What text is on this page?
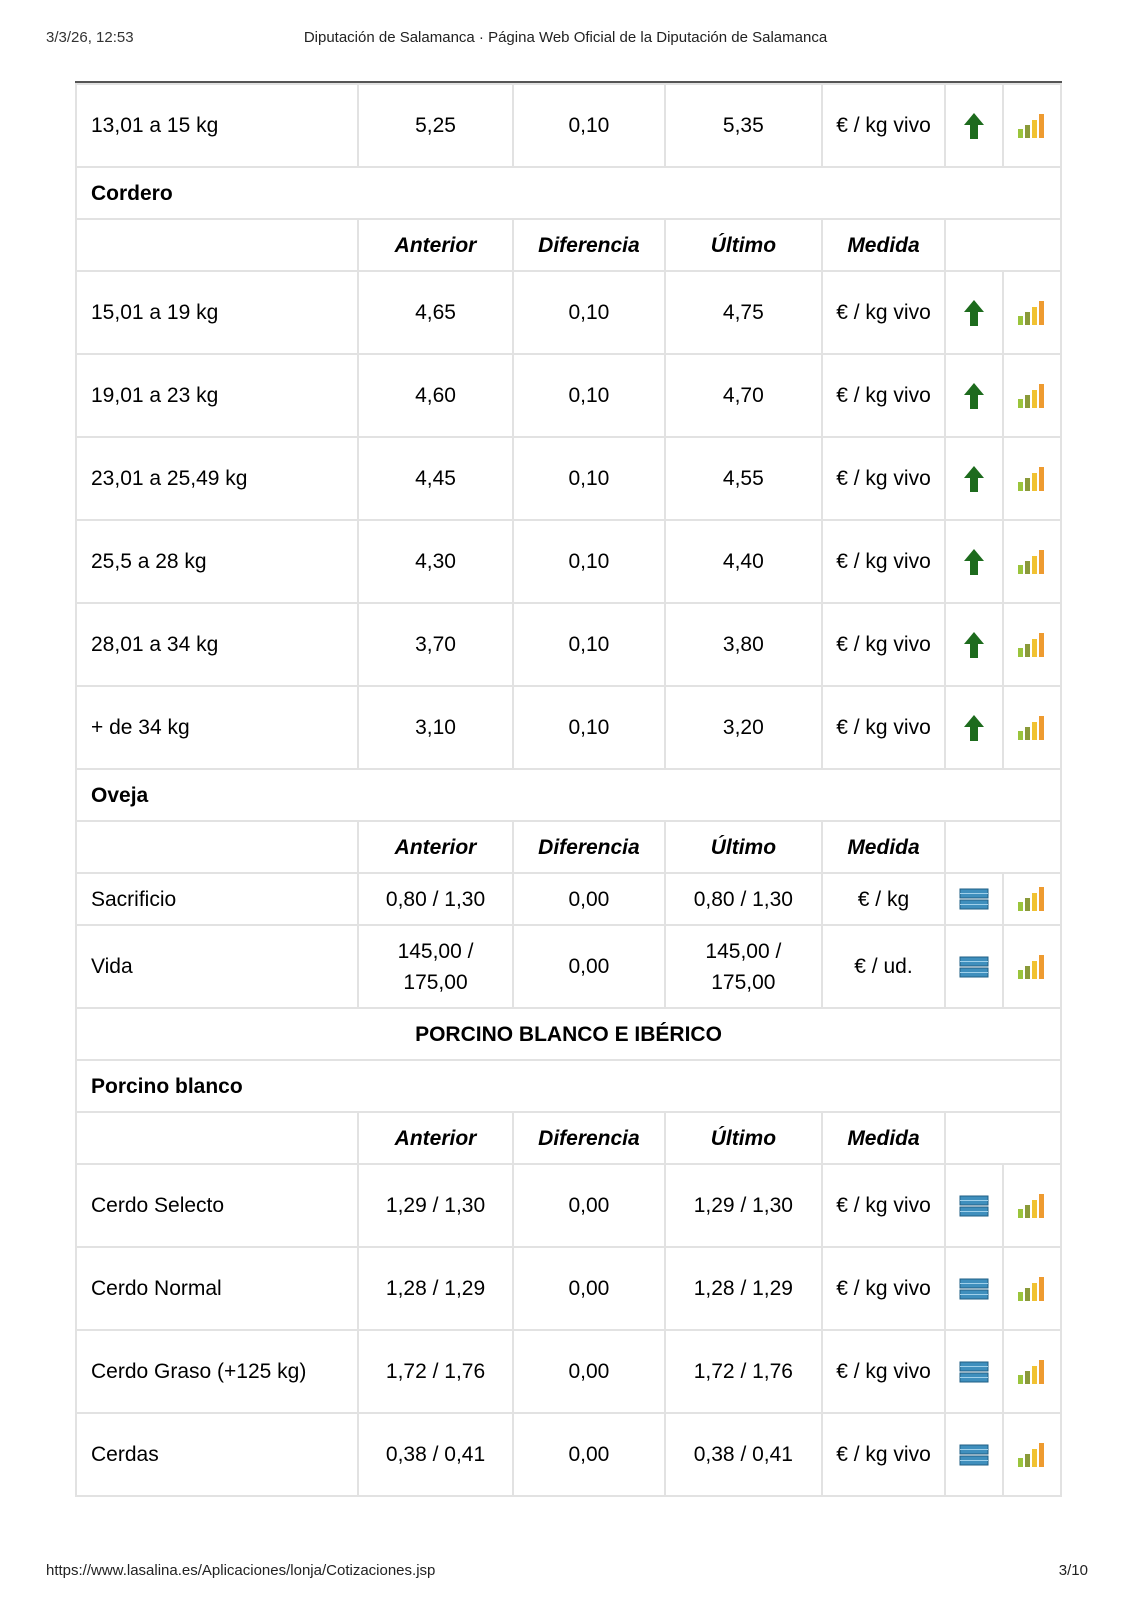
3/3/26, 12:53	Diputación de Salamanca · Página Web Oficial de la Diputación de Salamanca
13,01 a 15 kg	5,25	0,10	5,35	€ / kg vivo	

Cordero						
	Anterior	Diferencia	Último	Medida		
15,01 a 19 kg	4,65	0,10	4,75	€ / kg vivo	

19,01 a 23 kg	4,60	0,10	4,70	€ / kg vivo	

23,01 a 25,49 kg	4,45	0,10	4,55	€ / kg vivo	

25,5 a 28 kg	4,30	0,10	4,40	€ / kg vivo	

28,01 a 34 kg	3,70	0,10	3,80	€ / kg vivo	

+ de 34 kg	3,10	0,10	3,20	€ / kg vivo	

Oveja						
	Anterior	Diferencia	Último	Medida		
Sacrificio	0,80 / 1,30	0,00	0,80 / 1,30	€ / kg	

Vida	145,00 / 175,00	0,00	145,00 / 175,00	€ / ud.	

PORCINO BLANCO E IBÉRICO						
Porcino blanco						
	Anterior	Diferencia	Último	Medida		
Cerdo Selecto	1,29 / 1,30	0,00	1,29 / 1,30	€ / kg vivo	

Cerdo Normal	1,28 / 1,29	0,00	1,28 / 1,29	€ / kg vivo	

Cerdo Graso (+125 kg)	1,72 / 1,76	0,00	1,72 / 1,76	€ / kg vivo	

Cerdas	0,38 / 0,41	0,00	0,38 / 0,41	€ / kg vivo	

https://www.lasalina.es/Aplicaciones/lonja/Cotizaciones.jsp	3/10
